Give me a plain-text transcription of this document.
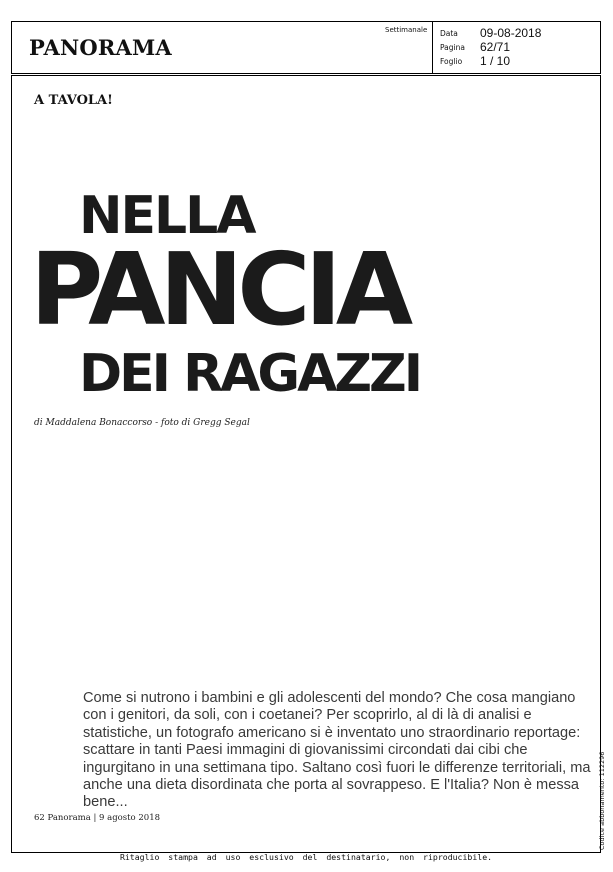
PANORAMA
Settimanale Data	09-08-2018
Pagina	62/71
Foglio	1 / 10
A TAVOLA!
NELLA
PANCIA
DEI RAGAZZI
di Maddalena Bonaccorso - foto di Gregg Segal
Come si nutrono i bambini e gli adolescenti del mondo? Che cosa mangiano con i genitori, da soli, con i coetanei? Per scoprirlo, al di là di analisi e statistiche, un fotografo americano si è inventato uno straordinario reportage: scattare in tanti Paesi immagini di giovanissimi circondati dai cibi che ingurgitano in una settimana tipo. Saltano così fuori le differenze territoriali, ma anche una dieta disordinata che porta al sovrappeso. E l'Italia? Non è messa bene...
62 Panorama | 9 agosto 2018	Codice abbonamento: 112296
Ritaglio stampa ad uso esclusivo del destinatario, non riproducibile.
